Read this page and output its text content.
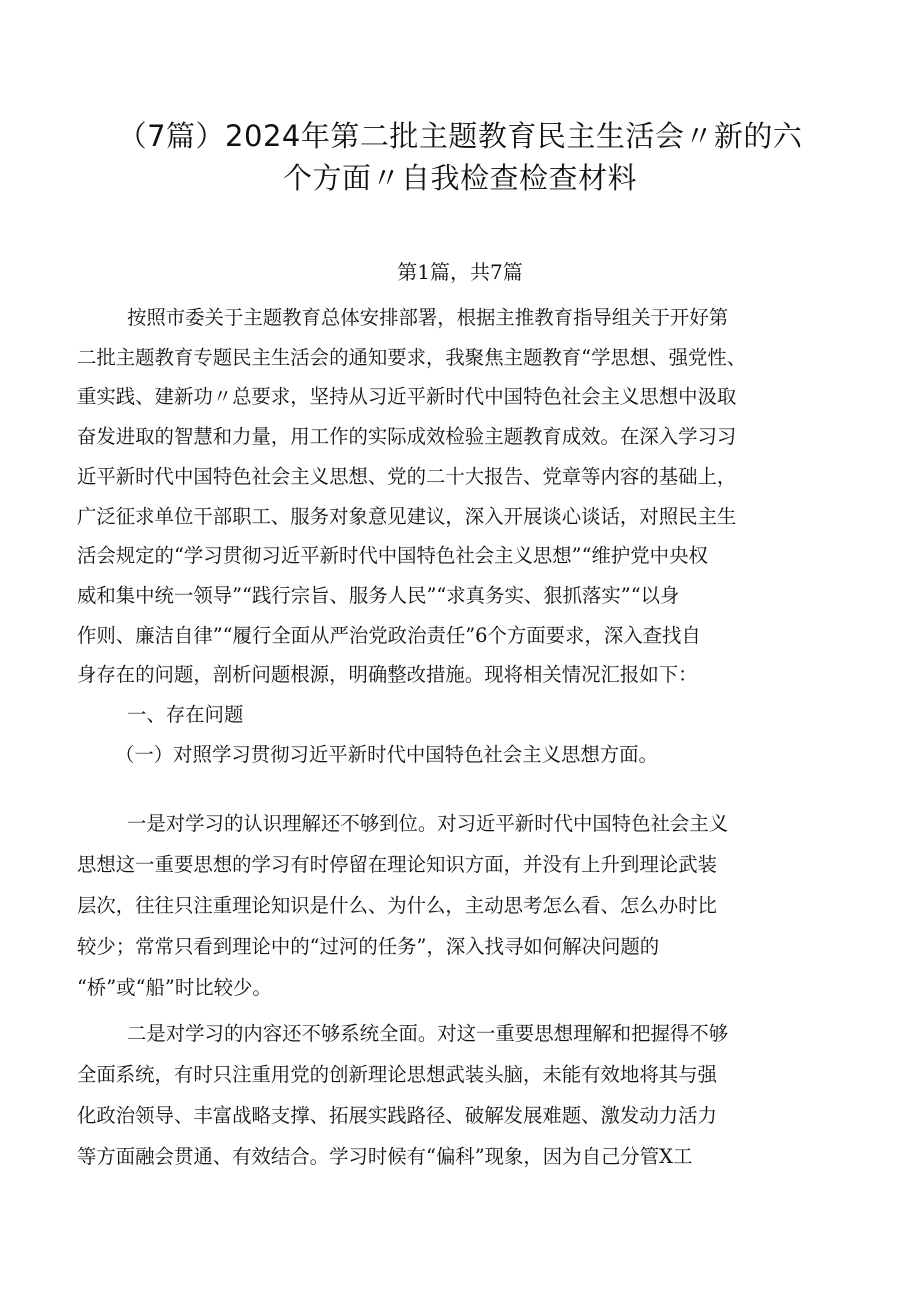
（7篇）2024年第二批主题教育民主生活会〃新的六
个方面〃自我检查检查材料
第1篇，共7篇
按照市委关于主题教育总体安排部署，根据主推教育指导组关于开好第
二批主题教育专题民主生活会的通知要求，我聚焦主题教育“学思想、强党性、
重实践、建新功〃总要求，坚持从习近平新时代中国特色社会主义思想中汲取
奋发进取的智慧和力量，用工作的实际成效检验主题教育成效。在深入学习习
近平新时代中国特色社会主义思想、党的二十大报告、党章等内容的基础上，
广泛征求单位干部职工、服务对象意见建议，深入开展谈心谈话，对照民主生
活会规定的“学习贯彻习近平新时代中国特色社会主义思想”“维护党中央权
威和集中统一领导”“践行宗旨、服务人民”“求真务实、狠抓落实”“以身
作则、廉洁自律”“履行全面从严治党政治责任”6个方面要求，深入查找自
身存在的问题，剖析问题根源，明确整改措施。现将相关情况汇报如下：
一、存在问题
（一）对照学习贯彻习近平新时代中国特色社会主义思想方面。
一是对学习的认识理解还不够到位。对习近平新时代中国特色社会主义
思想这一重要思想的学习有时停留在理论知识方面，并没有上升到理论武装
层次，往往只注重理论知识是什么、为什么，主动思考怎么看、怎么办时比
较少；常常只看到理论中的“过河的任务”，深入找寻如何解决问题的
“桥”或“船”时比较少。
二是对学习的内容还不够系统全面。对这一重要思想理解和把握得不够
全面系统，有时只注重用党的创新理论思想武装头脑，未能有效地将其与强
化政治领导、丰富战略支撑、拓展实践路径、破解发展难题、激发动力活力
等方面融会贯通、有效结合。学习时候有“偏科”现象，因为自己分管X工
